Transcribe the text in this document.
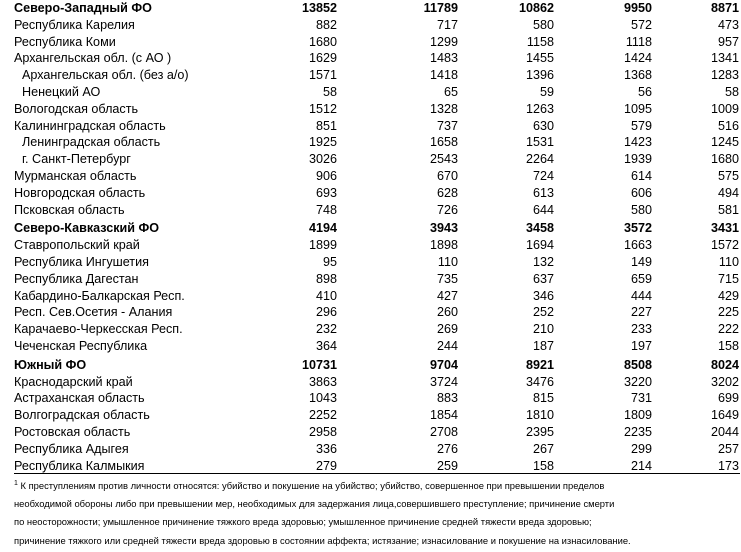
Северо-Западный ФО	13852	11789	10862	9950	8871
Республика Карелия	882	717	580	572	473
Республика Коми	1680	1299	1158	1118	957
Архангельская обл. (с АО )	1629	1483	1455	1424	1341
Архангельская обл. (без а/о)	1571	1418	1396	1368	1283
Ненецкий АО	58	65	59	56	58
Вологодская область	1512	1328	1263	1095	1009
Калининградская область	851	737	630	579	516
Ленинградская область	1925	1658	1531	1423	1245
г. Санкт-Петербург	3026	2543	2264	1939	1680
Мурманская область	906	670	724	614	575
Новгородская область	693	628	613	606	494
Псковская область	748	726	644	580	581
Северо-Кавказский ФО	4194	3943	3458	3572	3431
Ставропольский край	1899	1898	1694	1663	1572
Республика Ингушетия	95	110	132	149	110
Республика Дагестан	898	735	637	659	715
Кабардино-Балкарская Респ.	410	427	346	444	429
Респ. Сев.Осетия - Алания	296	260	252	227	225
Карачаево-Черкесская Респ.	232	269	210	233	222
Чеченская Республика	364	244	187	197	158
Южный ФО	10731	9704	8921	8508	8024
Краснодарский край	3863	3724	3476	3220	3202
Астраханская область	1043	883	815	731	699
Волгоградская область	2252	1854	1810	1809	1649
Ростовская область	2958	2708	2395	2235	2044
Республика Адыгея	336	276	267	299	257
Республика Калмыкия	279	259	158	214	173
$^1$ К преступлениям против личности относятся: убийство и покушение на убийство; убийство, совершенное при превышении пределов
необходимой обороны либо при превышении мер, необходимых для задержания лица,совершившего преступление; причинение смерти
по неосторожности; умышленное причинение тяжкого вреда здоровью; умышленное причинение средней тяжести вреда здоровью;
причинение тяжкого или средней тяжести вреда здоровью в состоянии аффекта; истязание; изнасилование и покушение на изнасилование.
